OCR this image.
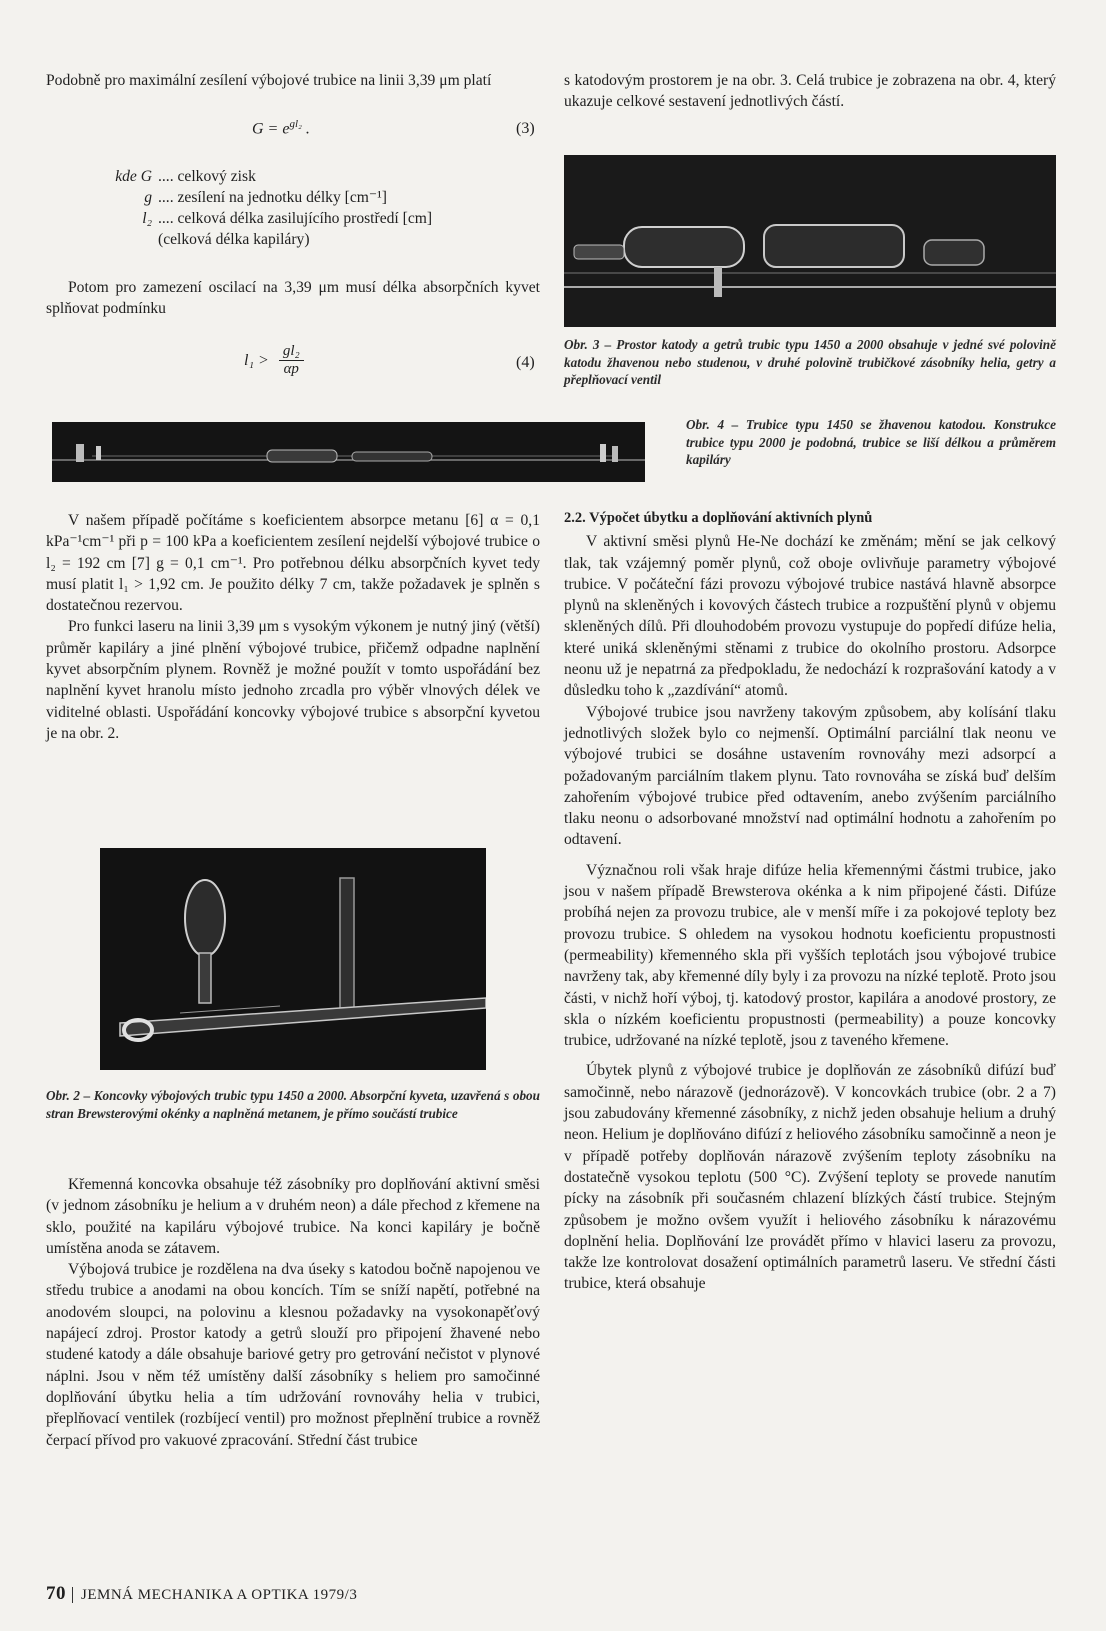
Podobně pro maximální zesílení výbojové trubice na linii 3,39 μm platí

$G = e^{gl_2}$ .	(3)
kde G .... celkový zisk
g .... zesílení na jednotku délky [cm⁻¹]
l₂ .... celková délka zasilujícího prostředí [cm]
(celková délka kapiláry)

Potom pro zamezení oscilací na 3,39 μm musí délka absorpčních kyvet splňovat podmínku

l₁ >
gl₂
αp	(4)

V našem případě počítáme s koeficientem absorpce metanu [6] α = 0,1 kPa⁻¹cm⁻¹ při p = 100 kPa a koeficientem zesílení nejdelší výbojové trubice o l₂ = 192 cm [7] g = 0,1 cm⁻¹. Pro potřebnou délku absorpčních kyvet tedy musí platit l₁ > 1,92 cm. Je použito délky 7 cm, takže požadavek je splněn s dostatečnou rezervou.

Pro funkci laseru na linii 3,39 μm s vysokým výkonem je nutný jiný (větší) průměr kapiláry a jiné plnění výbojové trubice, přičemž odpadne naplnění kyvet absorpčním plynem. Rovněž je možné použít v tomto uspořádání bez naplnění kyvet hranolu místo jednoho zrcadla pro výběr vlnových délek ve viditelné oblasti. Uspořádání koncovky výbojové trubice s absorpční kyvetou je na obr. 2.

Obr. 2 – Koncovky výbojových trubic typu 1450 a 2000. Absorpční kyveta, uzavřená s obou stran Brewsterovými okénky a naplněná metanem, je přímo součástí trubice

Křemenná koncovka obsahuje též zásobníky pro doplňování aktivní směsi (v jednom zásobníku je helium a v druhém neon) a dále přechod z křemene na sklo, použité na kapiláru výbojové trubice. Na konci kapiláry je bočně umístěna anoda se zátavem.

Výbojová trubice je rozdělena na dva úseky s katodou bočně napojenou ve středu trubice a anodami na obou koncích. Tím se sníží napětí, potřebné na anodovém sloupci, na polovinu a klesnou požadavky na vysokonapěťový napájecí zdroj. Prostor katody a getrů slouží pro připojení žhavené nebo studené katody a dále obsahuje bariové getry pro getrování nečistot v plynové náplni. Jsou v něm též umístěny další zásobníky s heliem pro samočinné doplňování úbytku helia a tím udržování rovnováhy helia v trubici, přeplňovací ventilek (rozbíjecí ventil) pro možnost přeplnění trubice a rovněž čerpací přívod pro vakuové zpracování. Střední část trubice

s katodovým prostorem je na obr. 3. Celá trubice je zobrazena na obr. 4, který ukazuje celkové sestavení jednotlivých částí.

Obr. 3 – Prostor katody a getrů trubic typu 1450 a 2000 obsahuje v jedné své polovině katodu žhavenou nebo studenou, v druhé polovině trubičkové zásobníky helia, getry a přeplňovací ventil
Obr. 4 – Trubice typu 1450 se žhavenou katodou. Konstrukce trubice typu 2000 je podobná, trubice se liší délkou a průměrem kapiláry

2.2. Výpočet úbytku a doplňování aktivních plynů

V aktivní směsi plynů He-Ne dochází ke změnám; mění se jak celkový tlak, tak vzájemný poměr plynů, což oboje ovlivňuje parametry výbojové trubice. V počáteční fázi provozu výbojové trubice nastává hlavně absorpce plynů na skleněných i kovových částech trubice a rozpuštění plynů v objemu skleněných dílů. Při dlouhodobém provozu vystupuje do popředí difúze helia, které uniká skleněnými stěnami z trubice do okolního prostoru. Adsorpce neonu už je nepatrná za předpokladu, že nedochází k rozprašování katody a v důsledku toho k „zazdívání“ atomů.

Výbojové trubice jsou navrženy takovým způsobem, aby kolísání tlaku jednotlivých složek bylo co nejmenší. Optimální parciální tlak neonu ve výbojové trubici se dosáhne ustavením rovnováhy mezi adsorpcí a požadovaným parciálním tlakem plynu. Tato rovnováha se získá buď delším zahořením výbojové trubice před odtavením, anebo zvýšením parciálního tlaku neonu o adsorbované množství nad optimální hodnotu a zahořením po odtavení.

Význačnou roli však hraje difúze helia křemennými částmi trubice, jako jsou v našem případě Brewsterova okénka a k nim připojené části. Difúze probíhá nejen za provozu trubice, ale v menší míře i za pokojové teploty bez provozu trubice. S ohledem na vysokou hodnotu koeficientu propustnosti (permeability) křemenného skla při vyšších teplotách jsou výbojové trubice navrženy tak, aby křemenné díly byly i za provozu na nízké teplotě. Proto jsou části, v nichž hoří výboj, tj. katodový prostor, kapilára a anodové prostory, ze skla o nízkém koeficientu propustnosti (permeability) a pouze koncovky trubice, udržované na nízké teplotě, jsou z taveného křemene.

Úbytek plynů z výbojové trubice je doplňován ze zásobníků difúzí buď samočinně, nebo nárazově (jednorázově). V koncovkách trubice (obr. 2 a 7) jsou zabudovány křemenné zásobníky, z nichž jeden obsahuje helium a druhý neon. Helium je doplňováno difúzí z heliového zásobníku samočinně a neon je v případě potřeby doplňován nárazově zvýšením teploty zásobníku na dostatečně vysokou teplotu (500 °C). Zvýšení teploty se provede nanutím pícky na zásobník při současném chlazení blízkých částí trubice. Stejným způsobem je možno ovšem využít i heliového zásobníku k nárazovému doplnění helia. Doplňování lze provádět přímo v hlavici laseru za provozu, takže lze kontrolovat dosažení optimálních parametrů laseru. Ve střední části trubice, která obsahuje

70 JEMNÁ MECHANIKA A OPTIKA 1979/3
